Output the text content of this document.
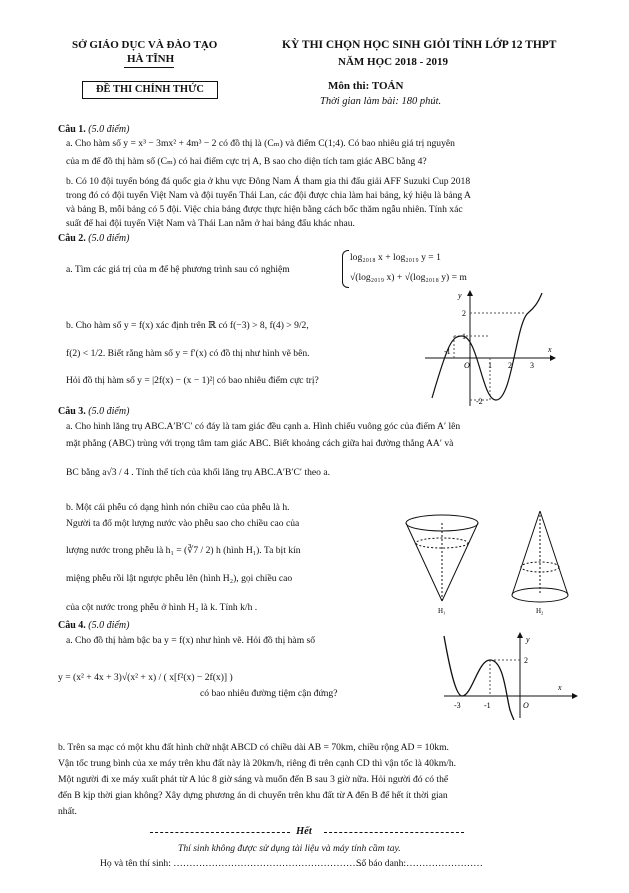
SỞ GIÁO DỤC VÀ ĐÀO TẠO
HÀ TĨNH
ĐỀ THI CHÍNH THỨC
KỲ THI CHỌN HỌC SINH GIỎI TỈNH LỚP 12 THPT
NĂM HỌC 2018 - 2019
Môn thi: TOÁN
Thời gian làm bài: 180 phút.
Câu 1. (5.0 điểm)
a. Cho hàm số y = x³ − 3mx² + 4m³ − 2 có đồ thị là (Cₘ) và điểm C(1;4). Có bao nhiêu giá trị nguyên
của m để đồ thị hàm số (Cₘ) có hai điểm cực trị A, B sao cho diện tích tam giác ABC bằng 4?
b. Có 10 đội tuyển bóng đá quốc gia ở khu vực Đông Nam Á tham gia thi đấu giải AFF Suzuki Cup 2018
trong đó có đội tuyển Việt Nam và đội tuyển Thái Lan, các đội được chia làm hai bảng, ký hiệu là bảng A
và bảng B, mỗi bảng có 5 đội. Việc chia bảng được thực hiện bằng cách bốc thăm ngẫu nhiên. Tính xác
suất để hai đội tuyển Việt Nam và Thái Lan nằm ở hai bảng đấu khác nhau.
Câu 2. (5.0 điểm)
a. Tìm các giá trị của m để hệ phương trình sau có nghiệm
log₂₀₁₈ x + log₂₀₁₉ y = 1
√(log₂₀₁₉ x) + √(log₂₀₁₈ y) = m
b. Cho hàm số y = f(x) xác định trên ℝ có f(−3) > 8, f(4) > 9/2,
f(2) < 1/2. Biết rằng hàm số y = f′(x) có đồ thị như hình vẽ bên.
Hỏi đồ thị hàm số y = |2f(x) − (x − 1)²| có bao nhiêu điểm cực trị?
y
2
1
-1
O 1 2 3
x
-2
Câu 3. (5.0 điểm)
a. Cho hình lăng trụ ABC.A′B′C′ có đáy là tam giác đều cạnh a. Hình chiếu vuông góc của điểm A′ lên
mặt phẳng (ABC) trùng với trọng tâm tam giác ABC. Biết khoảng cách giữa hai đường thẳng AA′ và
BC bằng a√3 / 4 . Tính thể tích của khối lăng trụ ABC.A′B′C′ theo a.
b. Một cái phễu có dạng hình nón chiều cao của phễu là h.
Người ta đổ một lượng nước vào phễu sao cho chiều cao của
lượng nước trong phễu là h₁ = (∛7 / 2) h (hình H₁). Ta bịt kín
miệng phễu rồi lật ngược phễu lên (hình H₂), gọi chiều cao
của cột nước trong phễu ở hình H₂ là k. Tính k/h .	H₁	H₂
Câu 4. (5.0 điểm)
a. Cho đồ thị hàm bậc ba y = f(x) như hình vẽ. Hỏi đồ thị hàm số
y = (x² + 4x + 3)√(x² + x) / ( x[f²(x) − 2f(x)] )
có bao nhiêu đường tiệm cận đứng?
y
2
x
-3	-1	O
b. Trên sa mạc có một khu đất hình chữ nhật ABCD có chiều dài AB = 70km, chiều rộng AD = 10km.
Vận tốc trung bình của xe máy trên khu đất này là 20km/h, riêng đi trên cạnh CD thì vận tốc là 40km/h.
Một người đi xe máy xuất phát từ A lúc 8 giờ sáng và muốn đến B sau 3 giờ nữa. Hỏi người đó có thể
đến B kịp thời gian không? Xây dựng phương án di chuyển trên khu đất từ A đến B để hết ít thời gian
nhất.
Hết
Thí sinh không được sử dụng tài liệu và máy tính cầm tay.
Họ và tên thí sinh: ……………………………………………………
Số báo danh:……………………
